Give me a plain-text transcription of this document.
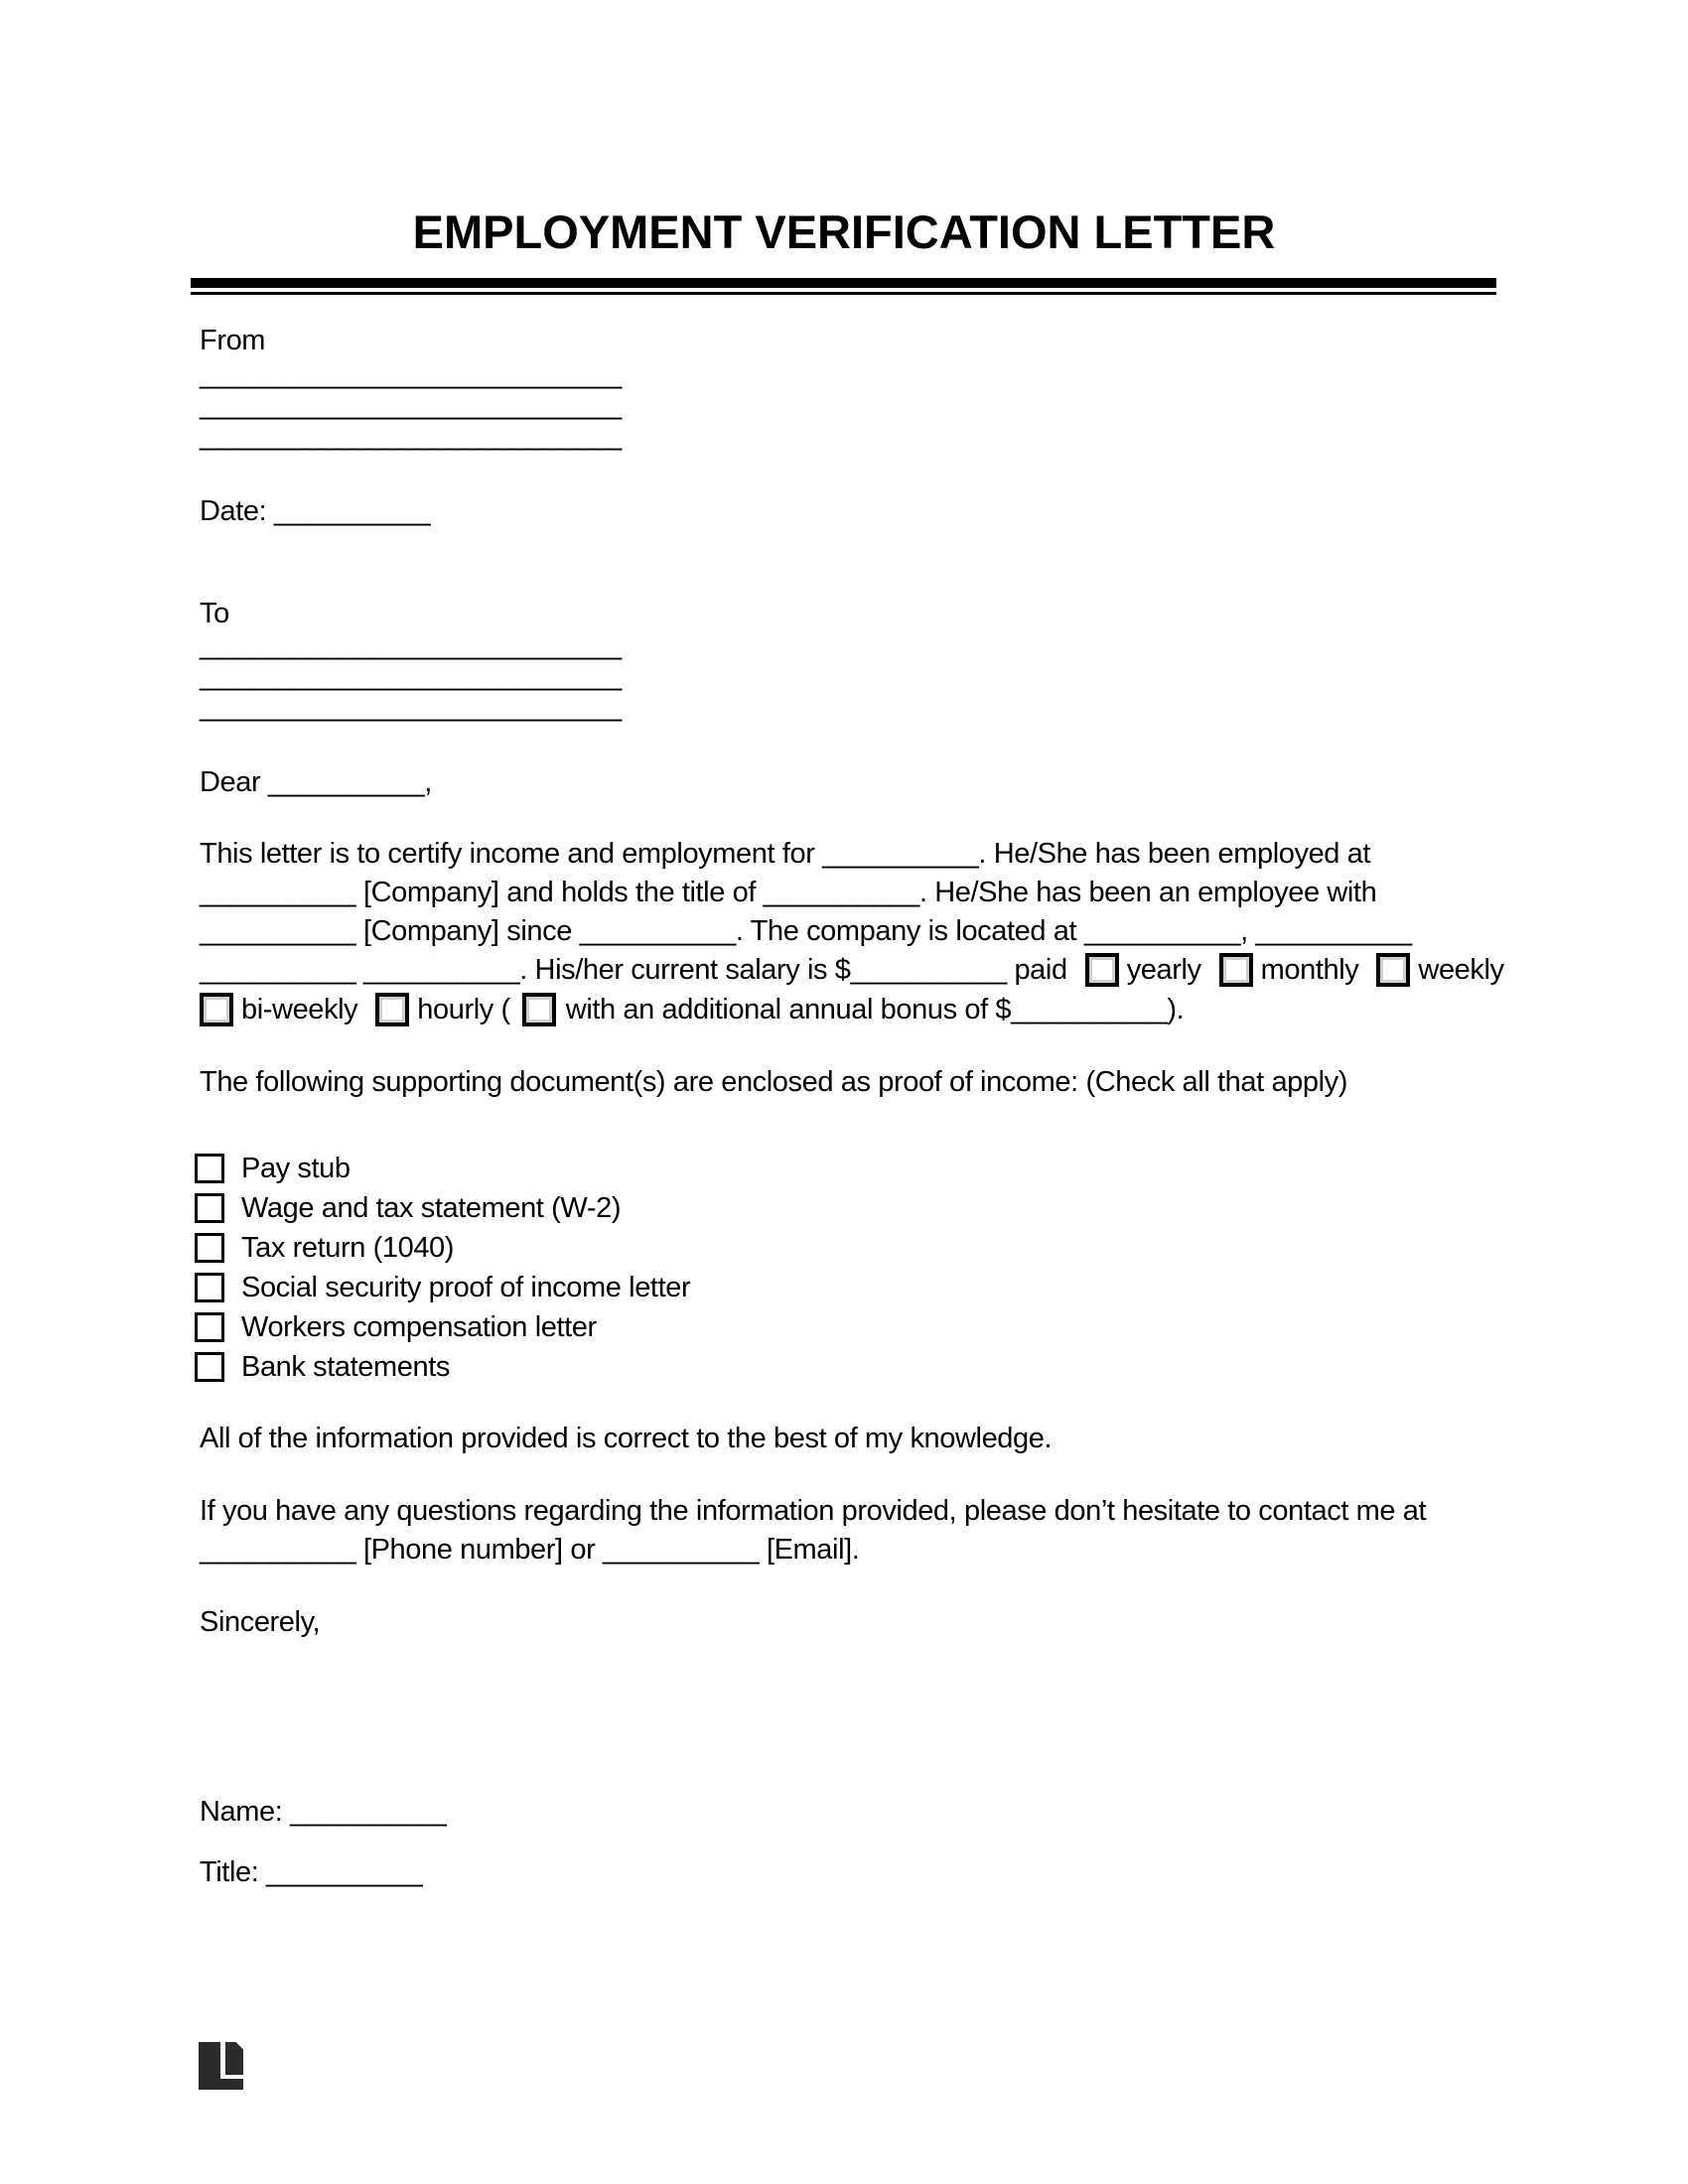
EMPLOYMENT VERIFICATION LETTER
From
___________________________
___________________________
___________________________
Date: __________
To
___________________________
___________________________
___________________________
Dear __________,
This letter is to certify income and employment for __________. He/She has been employed at
__________ [Company] and holds the title of __________. He/She has been an employee with
__________ [Company] since __________. The company is located at __________, __________
__________ __________. His/her current salary is $__________ paid yearly monthly weekly
bi-weekly hourly ( with an additional annual bonus of $__________).
The following supporting document(s) are enclosed as proof of income: (Check all that apply)
Pay stub
Wage and tax statement (W-2)
Tax return (1040)
Social security proof of income letter
Workers compensation letter
Bank statements
All of the information provided is correct to the best of my knowledge.
If you have any questions regarding the information provided, please don’t hesitate to contact me at
__________ [Phone number] or __________ [Email].
Sincerely,
Name: __________
Title: __________
